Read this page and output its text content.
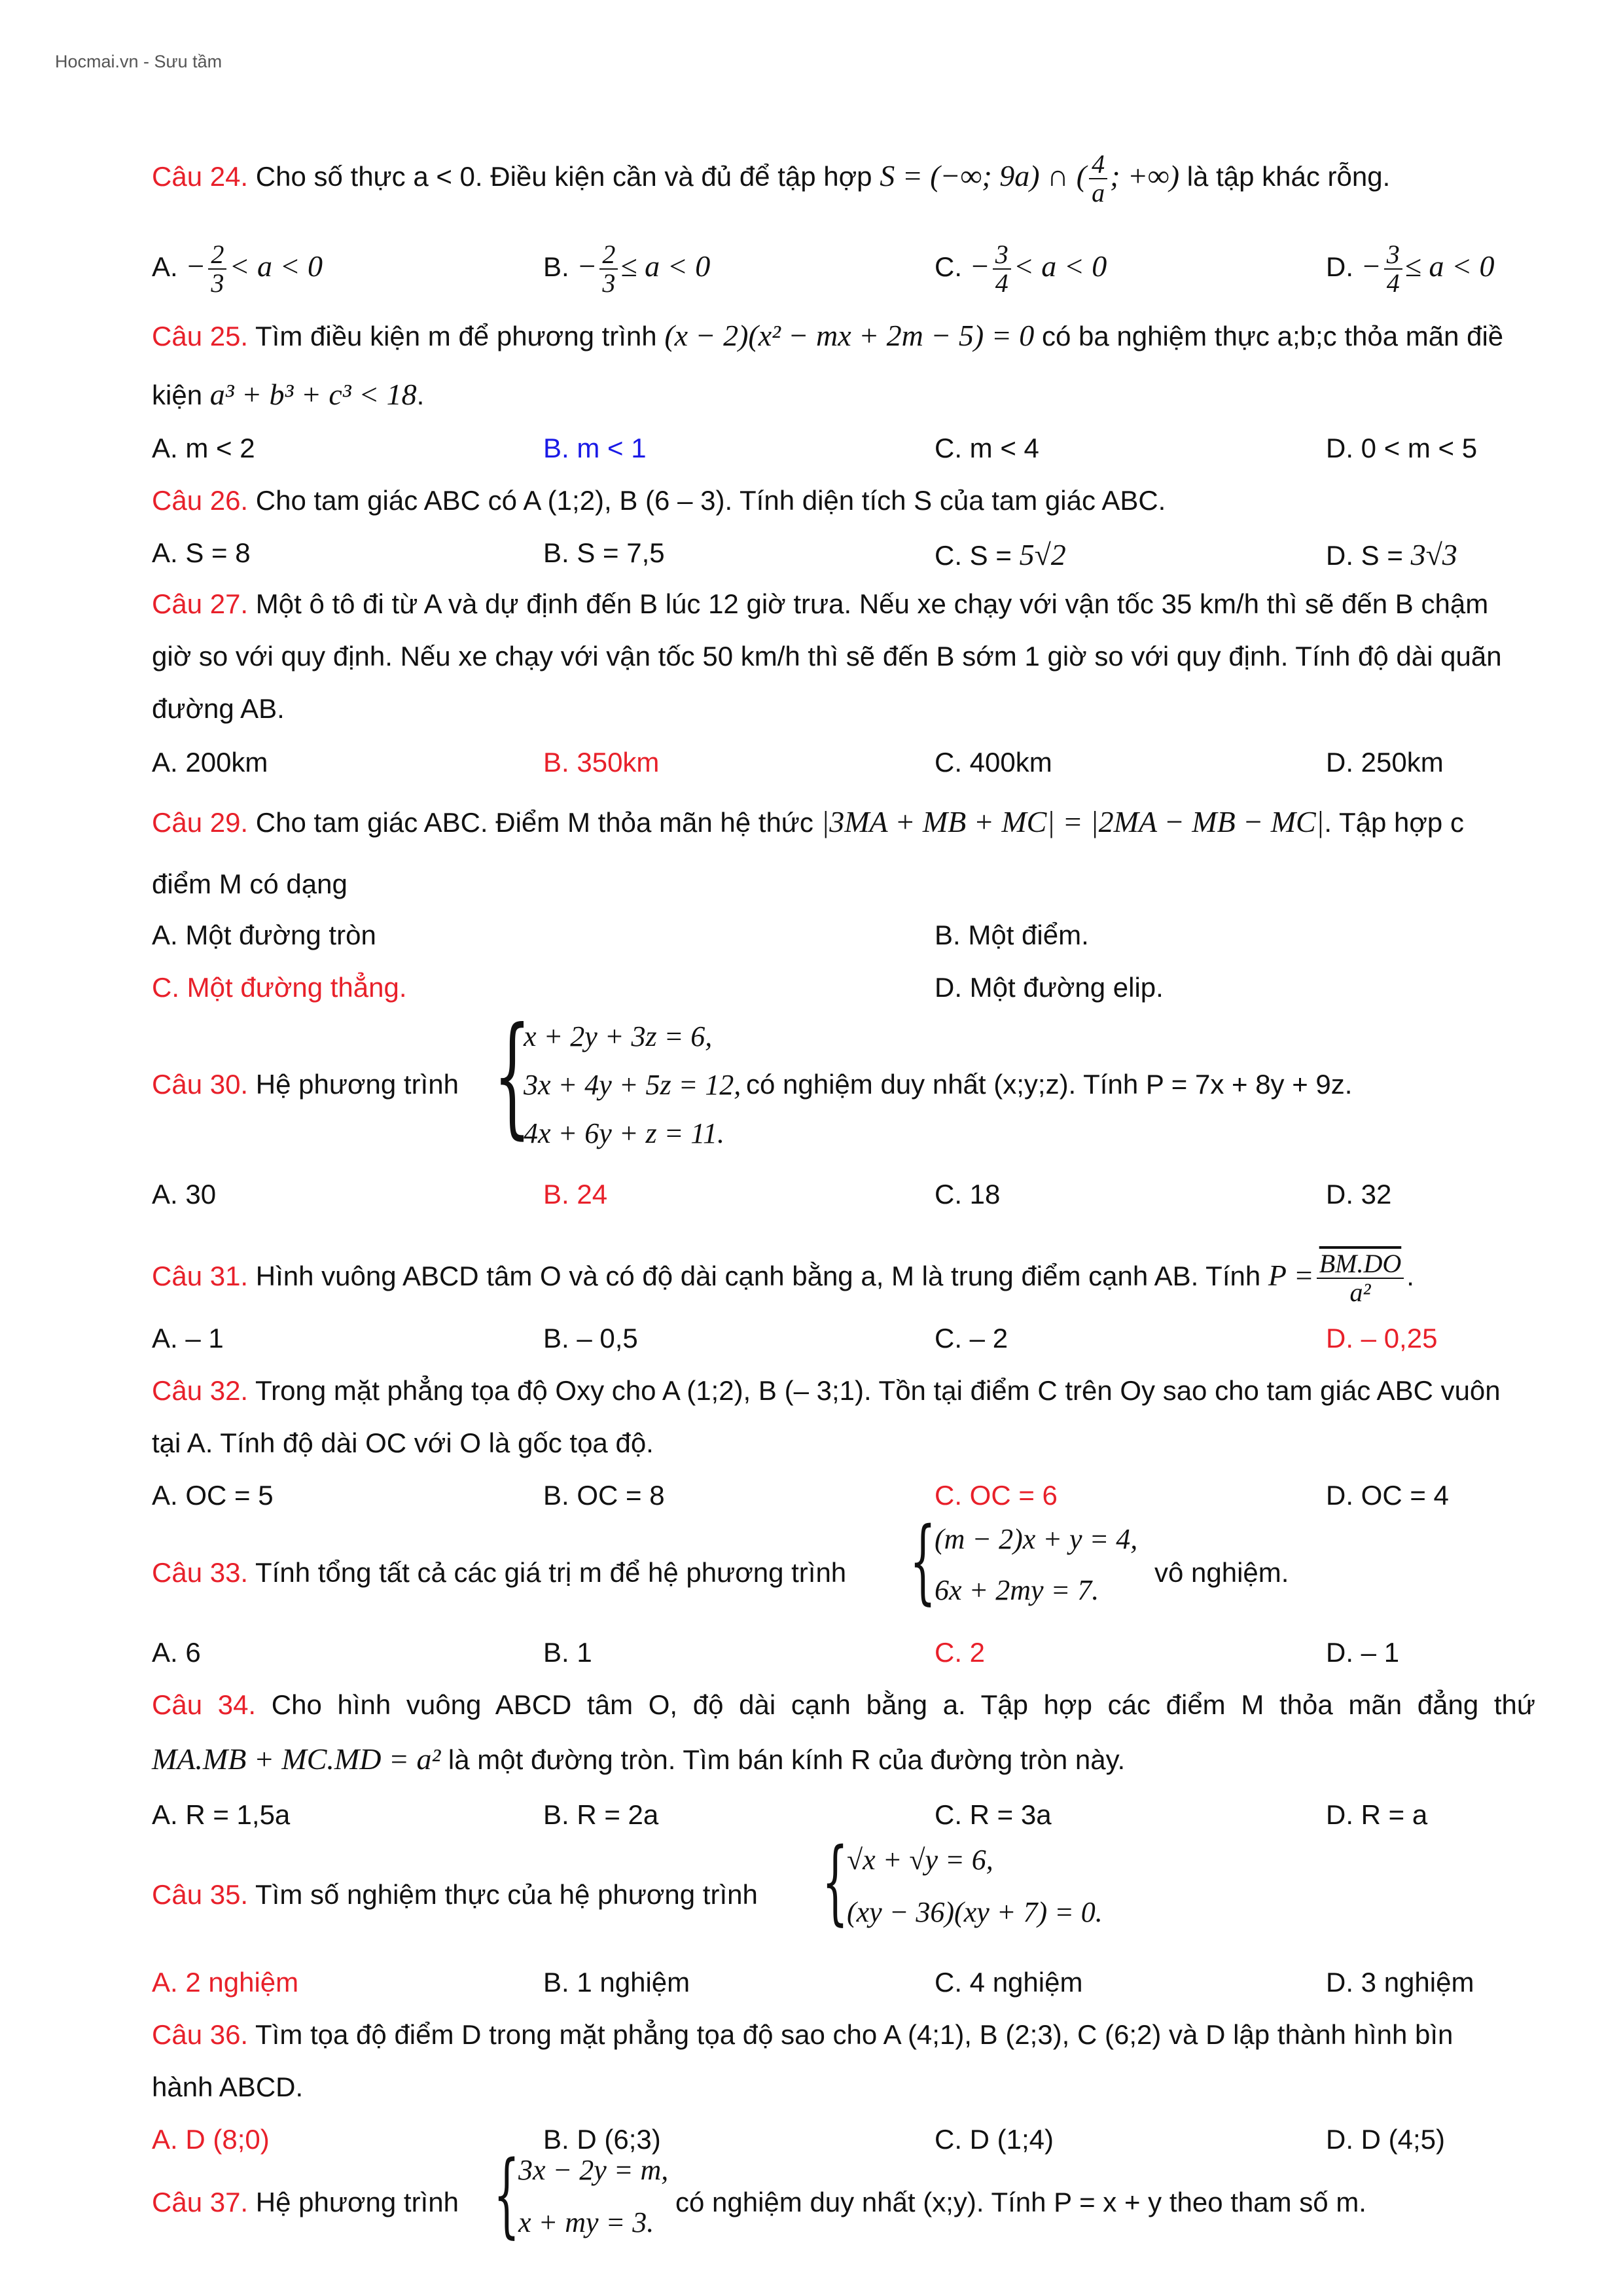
Hocmai.vn - Sưu tầm
Câu 24. Cho số thực a < 0. Điều kiện cần và đủ để tập hợp S = (−∞; 9a) ∩ ( $\frac{4}{a}$ ; +∞) là tập khác rỗng.
A. − $\frac{2}{3} < a < 0$	B. − $\frac{2}{3} \le a < 0$	C. − $\frac{3}{4} < a < 0$	D. − $\frac{3}{4} \le a < 0$
Câu 25. Tìm điều kiện m để phương trình (x − 2)(x² − mx + 2m − 5) = 0 có ba nghiệm thực a;b;c thỏa mãn điề
kiện a³ + b³ + c³ < 18.
A. m < 2	B. m < 1	C. m < 4	D. 0 < m < 5
Câu 26. Cho tam giác ABC có A (1;2), B (6 – 3). Tính diện tích S của tam giác ABC.
A. S = 8	B. S = 7,5	C. S = 5√2	D. S = 3√3
Câu 27. Một ô tô đi từ A và dự định đến B lúc 12 giờ trưa. Nếu xe chạy với vận tốc 35 km/h thì sẽ đến B chậm
giờ so với quy định. Nếu xe chạy với vận tốc 50 km/h thì sẽ đến B sớm 1 giờ so với quy định. Tính độ dài quãn
đường AB.
A. 200km	B. 350km	C. 400km	D. 250km
Câu 29. Cho tam giác ABC. Điểm M thỏa mãn hệ thức |3MA + MB + MC| = |2MA − MB − MC|. Tập hợp c
điểm M có dạng
A. Một đường tròn	B. Một điểm.
C. Một đường thẳng.	D. Một đường elip.
Câu 30. Hệ phương trình {
x + 2y + 3z = 6,
3x + 4y + 5z = 12,
4x + 6y + z = 11.
có nghiệm duy nhất (x;y;z). Tính P = 7x + 8y + 9z.
A. 30	B. 24	C. 18	D. 32
Câu 31. Hình vuông ABCD tâm O và có độ dài cạnh bằng a, M là trung điểm cạnh AB. Tính $P = \frac{BM.DO}{\text{a²}}$ .
A. – 1	B. – 0,5	C. – 2	D. – 0,25
Câu 32. Trong mặt phẳng tọa độ Oxy cho A (1;2), B (– 3;1). Tồn tại điểm C trên Oy sao cho tam giác ABC vuôn
tại A. Tính độ dài OC với O là gốc tọa độ.
A. OC = 5	B. OC = 8	C. OC = 6	D. OC = 4
Câu 33. Tính tổng tất cả các giá trị m để hệ phương trình {
(m − 2)x + y = 4,
6x + 2my = 7.
vô nghiệm.
A. 6	B. 1	C. 2	D. – 1
Câu 34. Cho hình vuông ABCD tâm O, độ dài cạnh bằng a. Tập hợp các điểm M thỏa mãn đẳng thứ
MA.MB + MC.MD = a² là một đường tròn. Tìm bán kính R của đường tròn này.
A. R = 1,5a	B. R = 2a	C. R = 3a	D. R = a
Câu 35. Tìm số nghiệm thực của hệ phương trình {
√x + √y = 6,
(xy − 36)(xy + 7) = 0.
A. 2 nghiệm	B. 1 nghiệm	C. 4 nghiệm	D. 3 nghiệm
Câu 36. Tìm tọa độ điểm D trong mặt phẳng tọa độ sao cho A (4;1), B (2;3), C (6;2) và D lập thành hình bìn
hành ABCD.
A. D (8;0)	B. D (6;3)	C. D (1;4)	D. D (4;5)
Câu 37. Hệ phương trình {
3x − 2y = m,
x + my = 3.
có nghiệm duy nhất (x;y). Tính P = x + y theo tham số m.
